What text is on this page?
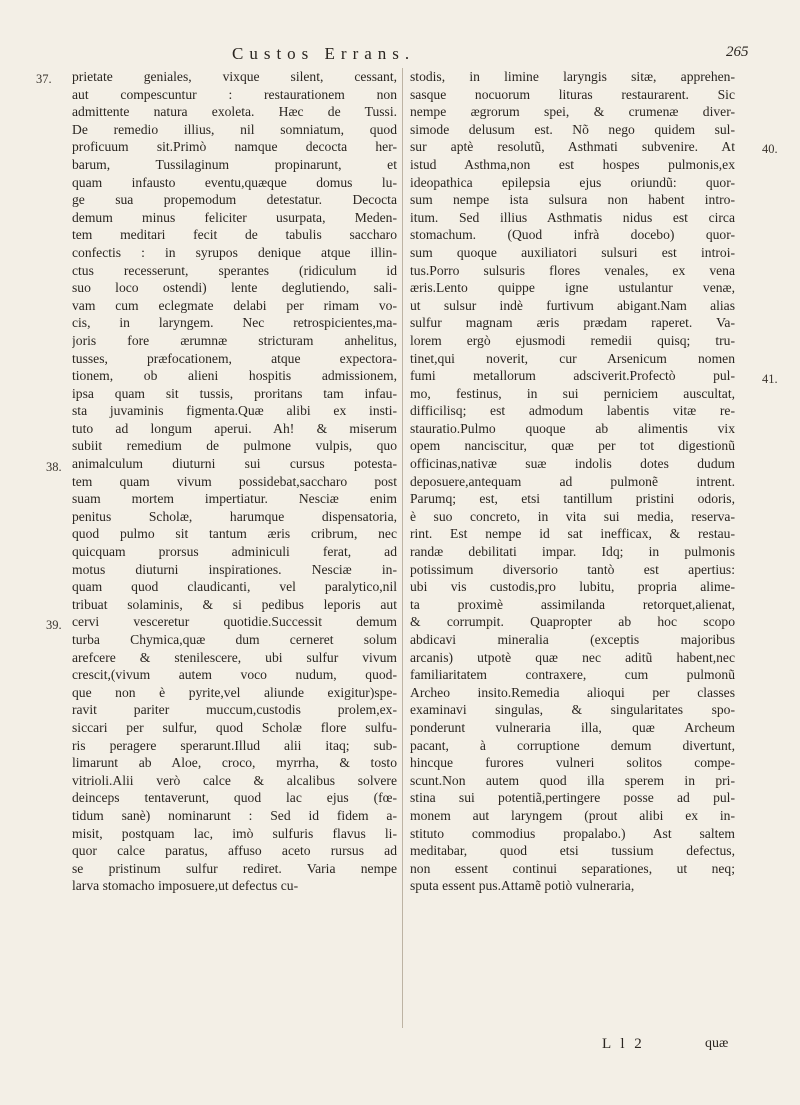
Custos Errans.	265
37.
38.
39.
40.
41.
prietate geniales, vixque silent, cessant,
aut compescuntur : restaurationem non
admittente natura exoleta. Hæc de Tussi.
De remedio illius, nil somniatum, quod
proficuum sit.Primò namque decocta her-
barum, Tussilaginum propinarunt, et
quam infausto eventu,quæque domus lu-
ge sua propemodum detestatur. Decocta
demum minus feliciter usurpata, Meden-
tem meditari fecit de tabulis saccharo
confectis : in syrupos denique atque illin-
ctus recesserunt, sperantes (ridiculum id
suo loco ostendi) lente deglutiendo, sali-
vam cum eclegmate delabi per rimam vo-
cis, in laryngem. Nec retrospicientes,ma-
joris fore ærumnæ stricturam anhelitus,
tusses, præfocationem, atque expectora-
tionem, ob alieni hospitis admissionem,
ipsa quam sit tussis, proritans tam infau-
sta juvaminis figmenta.Quæ alibi ex insti-
tuto ad longum aperui. Ah! & miserum
subiit remedium de pulmone vulpis, quo
animalculum diuturni sui cursus potesta-
tem quam vivum possidebat,saccharo post
suam mortem impertiatur. Nesciæ enim
penitus Scholæ, harumque dispensatoria,
quod pulmo sit tantum æris cribrum, nec
quicquam prorsus adminiculi ferat, ad
motus diuturni inspirationes. Nesciæ in-
quam quod claudicanti, vel paralytico,nil
tribuat solaminis, & si pedibus leporis aut
cervi vesceretur quotidie.Successit demum
turba Chymica,quæ dum cerneret solum
arefcere & stenilescere, ubi sulfur vivum
crescit,(vivum autem voco nudum, quod-
que non è pyrite,vel aliunde exigitur)spe-
ravit pariter muccum,custodis prolem,ex-
siccari per sulfur, quod Scholæ flore sulfu-
ris peragere sperarunt.Illud alii itaq; sub-
limarunt ab Aloe, croco, myrrha, & tosto
vitrioli.Alii verò calce & alcalibus solvere
deinceps tentaverunt, quod lac ejus (fœ-
tidum sanè) nominarunt : Sed id fidem a-
misit, postquam lac, imò sulfuris flavus li-
quor calce paratus, affuso aceto rursus ad
se pristinum sulfur rediret. Varia nempe
larva stomacho imposuere,ut defectus cu-
stodis, in limine laryngis sitæ, apprehen-
sasque nocuorum lituras restaurarent. Sic
nempe ægrorum spei, & crumenæ diver-
simode delusum est. Nõ nego quidem sul-
sur aptè resolutũ, Asthmati subvenire. At
istud Asthma,non est hospes pulmonis,ex
ideopathica epilepsia ejus oriundũ: quor-
sum nempe ista sulsura non habent intro-
itum. Sed illius Asthmatis nidus est circa
stomachum. (Quod infrà docebo) quor-
sum quoque auxiliatori sulsuri est introi-
tus.Porro sulsuris flores venales, ex vena
æris.Lento quippe igne ustulantur venæ,
ut sulsur indè furtivum abigant.Nam alias
sulfur magnam æris prædam raperet. Va-
lorem ergò ejusmodi remedii quisq; tru-
tinet,qui noverit, cur Arsenicum nomen
fumi metallorum adsciverit.Profectò pul-
mo, festinus, in sui perniciem auscultat,
difficilisq; est admodum labentis vitæ re-
stauratio.Pulmo quoque ab alimentis vix
opem nanciscitur, quæ per tot digestionũ
officinas,nativæ suæ indolis dotes dudum
deposuere,antequam ad pulmonẽ intrent.
Parumq; est, etsi tantillum pristini odoris,
è suo concreto, in vita sui media, reserva-
rint. Est nempe id sat inefficax, & restau-
randæ debilitati impar. Idq; in pulmonis
potissimum diversorio tantò est apertius:
ubi vis custodis,pro lubitu, propria alime-
ta proximè assimilanda retorquet,alienat,
& corrumpit. Quapropter ab hoc scopo
abdicavi mineralia (exceptis majoribus
arcanis) utpotè quæ nec aditũ habent,nec
familiaritatem contraxere, cum pulmonũ
Archeo insito.Remedia alioqui per classes
examinavi singulas, & singularitates spo-
ponderunt vulneraria illa, quæ Archeum
pacant, à corruptione demum divertunt,
hincque furores vulneri solitos compe-
scunt.Non autem quod illa sperem in pri-
stina sui potentiã,pertingere posse ad pul-
monem aut laryngem (prout alibi ex in-
stituto commodius propalabo.) Ast saltem
meditabar, quod etsi tussium defectus,
non essent continui separationes, ut neq;
sputa essent pus.Attamẽ potiò vulneraria,
L l 2	quæ
